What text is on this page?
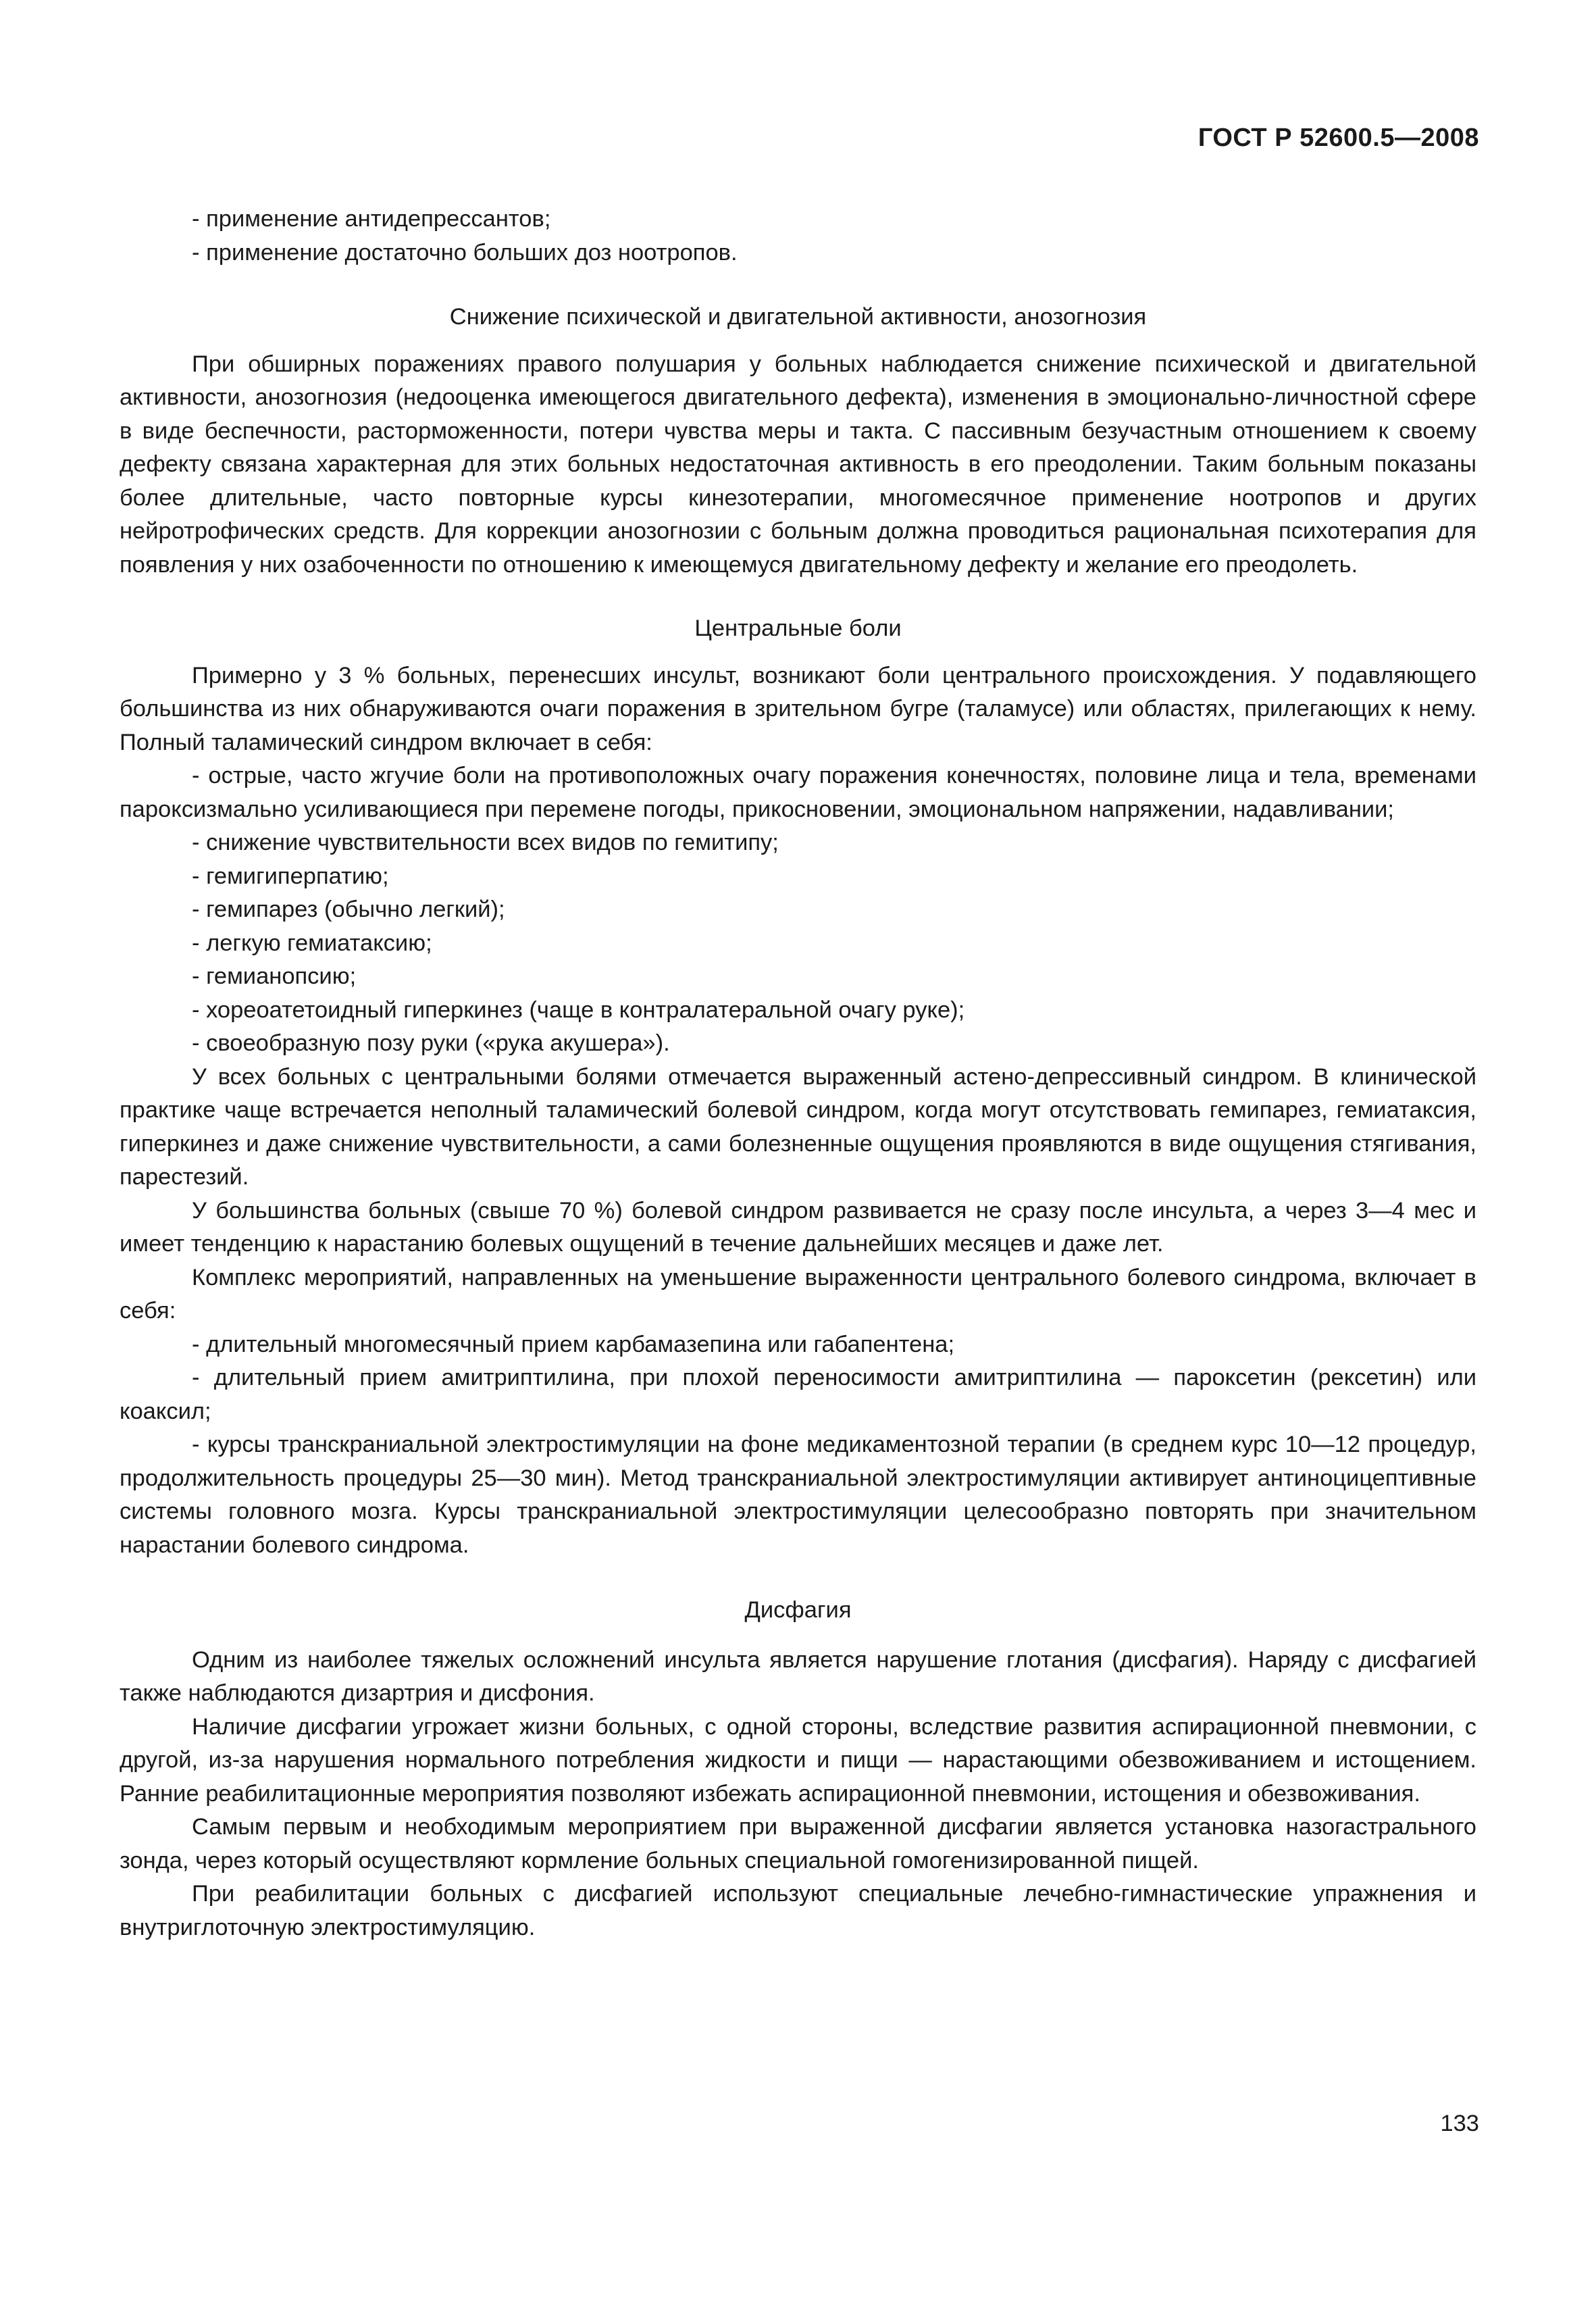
ГОСТ Р 52600.5—2008

- применение антидепрессантов;

- применение достаточно больших доз ноотропов.

Снижение психической и двигательной активности, анозогнозия

При обширных поражениях правого полушария у больных наблюдается снижение психической и двигательной активности, анозогнозия (недооценка имеющегося двигательного дефекта), изменения в эмоционально-личностной сфере в виде беспечности, расторможенности, потери чувства меры и такта. С пассивным безучастным отношением к своему дефекту связана характерная для этих больных недостаточная активность в его преодолении. Таким больным показаны более длительные, часто повторные курсы кинезотерапии, многомесячное применение ноотропов и других нейротрофических средств. Для коррекции анозогнозии с больным должна проводиться рациональная психотерапия для появления у них озабоченности по отношению к имеющемуся двигательному дефекту и желание его преодолеть.

Центральные боли

Примерно у 3 % больных, перенесших инсульт, возникают боли центрального происхождения. У подавляющего большинства из них обнаруживаются очаги поражения в зрительном бугре (таламусе) или областях, прилегающих к нему. Полный таламический синдром включает в себя:

- острые, часто жгучие боли на противоположных очагу поражения конечностях, половине лица и тела, временами пароксизмально усиливающиеся при перемене погоды, прикосновении, эмоциональном напряжении, надавливании;

- снижение чувствительности всех видов по гемитипу;

- гемигиперпатию;

- гемипарез (обычно легкий);

- легкую гемиатаксию;

- гемианопсию;

- хореоатетоидный гиперкинез (чаще в контралатеральной очагу руке);

- своеобразную позу руки («рука акушера»).

У всех больных с центральными болями отмечается выраженный астено-депрессивный синдром. В клинической практике чаще встречается неполный таламический болевой синдром, когда могут отсутствовать гемипарез, гемиатаксия, гиперкинез и даже снижение чувствительности, а сами болезненные ощущения проявляются в виде ощущения стягивания, парестезий.

У большинства больных (свыше 70 %) болевой синдром развивается не сразу после инсульта, а через 3—4 мес и имеет тенденцию к нарастанию болевых ощущений в течение дальнейших месяцев и даже лет.

Комплекс мероприятий, направленных на уменьшение выраженности центрального болевого синдрома, включает в себя:

- длительный многомесячный прием карбамазепина или габапентена;

- длительный прием амитриптилина, при плохой переносимости амитриптилина — пароксетин (рексетин) или коаксил;

- курсы транскраниальной электростимуляции на фоне медикаментозной терапии (в среднем курс 10—12 процедур, продолжительность процедуры 25—30 мин). Метод транскраниальной электростимуляции активирует антиноцицептивные системы головного мозга. Курсы транскраниальной электростимуляции целесообразно повторять при значительном нарастании болевого синдрома.

Дисфагия

Одним из наиболее тяжелых осложнений инсульта является нарушение глотания (дисфагия). Наряду с дисфагией также наблюдаются дизартрия и дисфония.

Наличие дисфагии угрожает жизни больных, с одной стороны, вследствие развития аспирационной пневмонии, с другой, из-за нарушения нормального потребления жидкости и пищи — нарастающими обезвоживанием и истощением. Ранние реабилитационные мероприятия позволяют избежать аспирационной пневмонии, истощения и обезвоживания.

Самым первым и необходимым мероприятием при выраженной дисфагии является установка назогастрального зонда, через который осуществляют кормление больных специальной гомогенизированной пищей.

При реабилитации больных с дисфагией используют специальные лечебно-гимнастические упражнения и внутриглоточную электростимуляцию.

133
